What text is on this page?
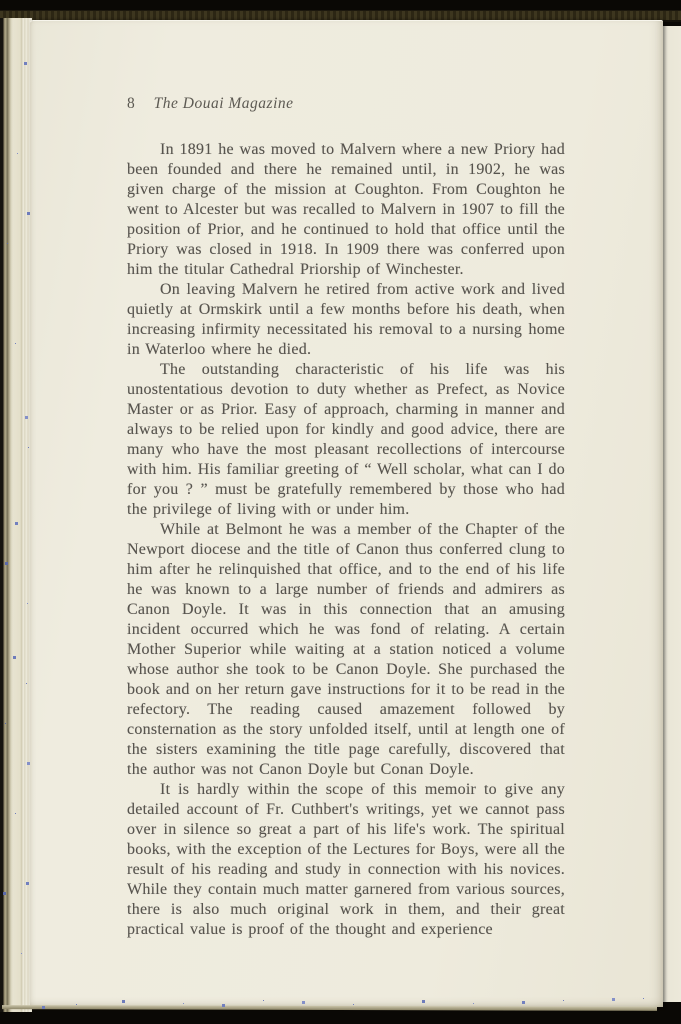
8 The Douai Magazine

In 1891 he was moved to Malvern where a new Priory had been founded and there he remained until, in 1902, he was given charge of the mission at Coughton. From Coughton he went to Alcester but was recalled to Malvern in 1907 to fill the position of Prior, and he continued to hold that office until the Priory was closed in 1918. In 1909 there was conferred upon him the titular Cathedral Priorship of Winchester.

On leaving Malvern he retired from active work and lived quietly at Ormskirk until a few months before his death, when increasing infirmity necessitated his removal to a nursing home in Waterloo where he died.

The outstanding characteristic of his life was his unostentatious devotion to duty whether as Prefect, as Novice Master or as Prior. Easy of approach, charming in manner and always to be relied upon for kindly and good advice, there are many who have the most pleasant recollections of intercourse with him. His familiar greeting of “ Well scholar, what can I do for you ? ” must be gratefully remembered by those who had the privilege of living with or under him.

While at Belmont he was a member of the Chapter of the Newport diocese and the title of Canon thus conferred clung to him after he relinquished that office, and to the end of his life he was known to a large number of friends and admirers as Canon Doyle. It was in this connection that an amusing incident occurred which he was fond of relating. A certain Mother Superior while waiting at a station noticed a volume whose author she took to be Canon Doyle. She purchased the book and on her return gave instructions for it to be read in the refectory. The reading caused amazement followed by consternation as the story unfolded itself, until at length one of the sisters examining the title page carefully, discovered that the author was not Canon Doyle but Conan Doyle.

It is hardly within the scope of this memoir to give any detailed account of Fr. Cuthbert's writings, yet we cannot pass over in silence so great a part of his life's work. The spiritual books, with the exception of the Lectures for Boys, were all the result of his reading and study in connection with his novices. While they contain much matter garnered from various sources, there is also much original work in them, and their great practical value is proof of the thought and experience
